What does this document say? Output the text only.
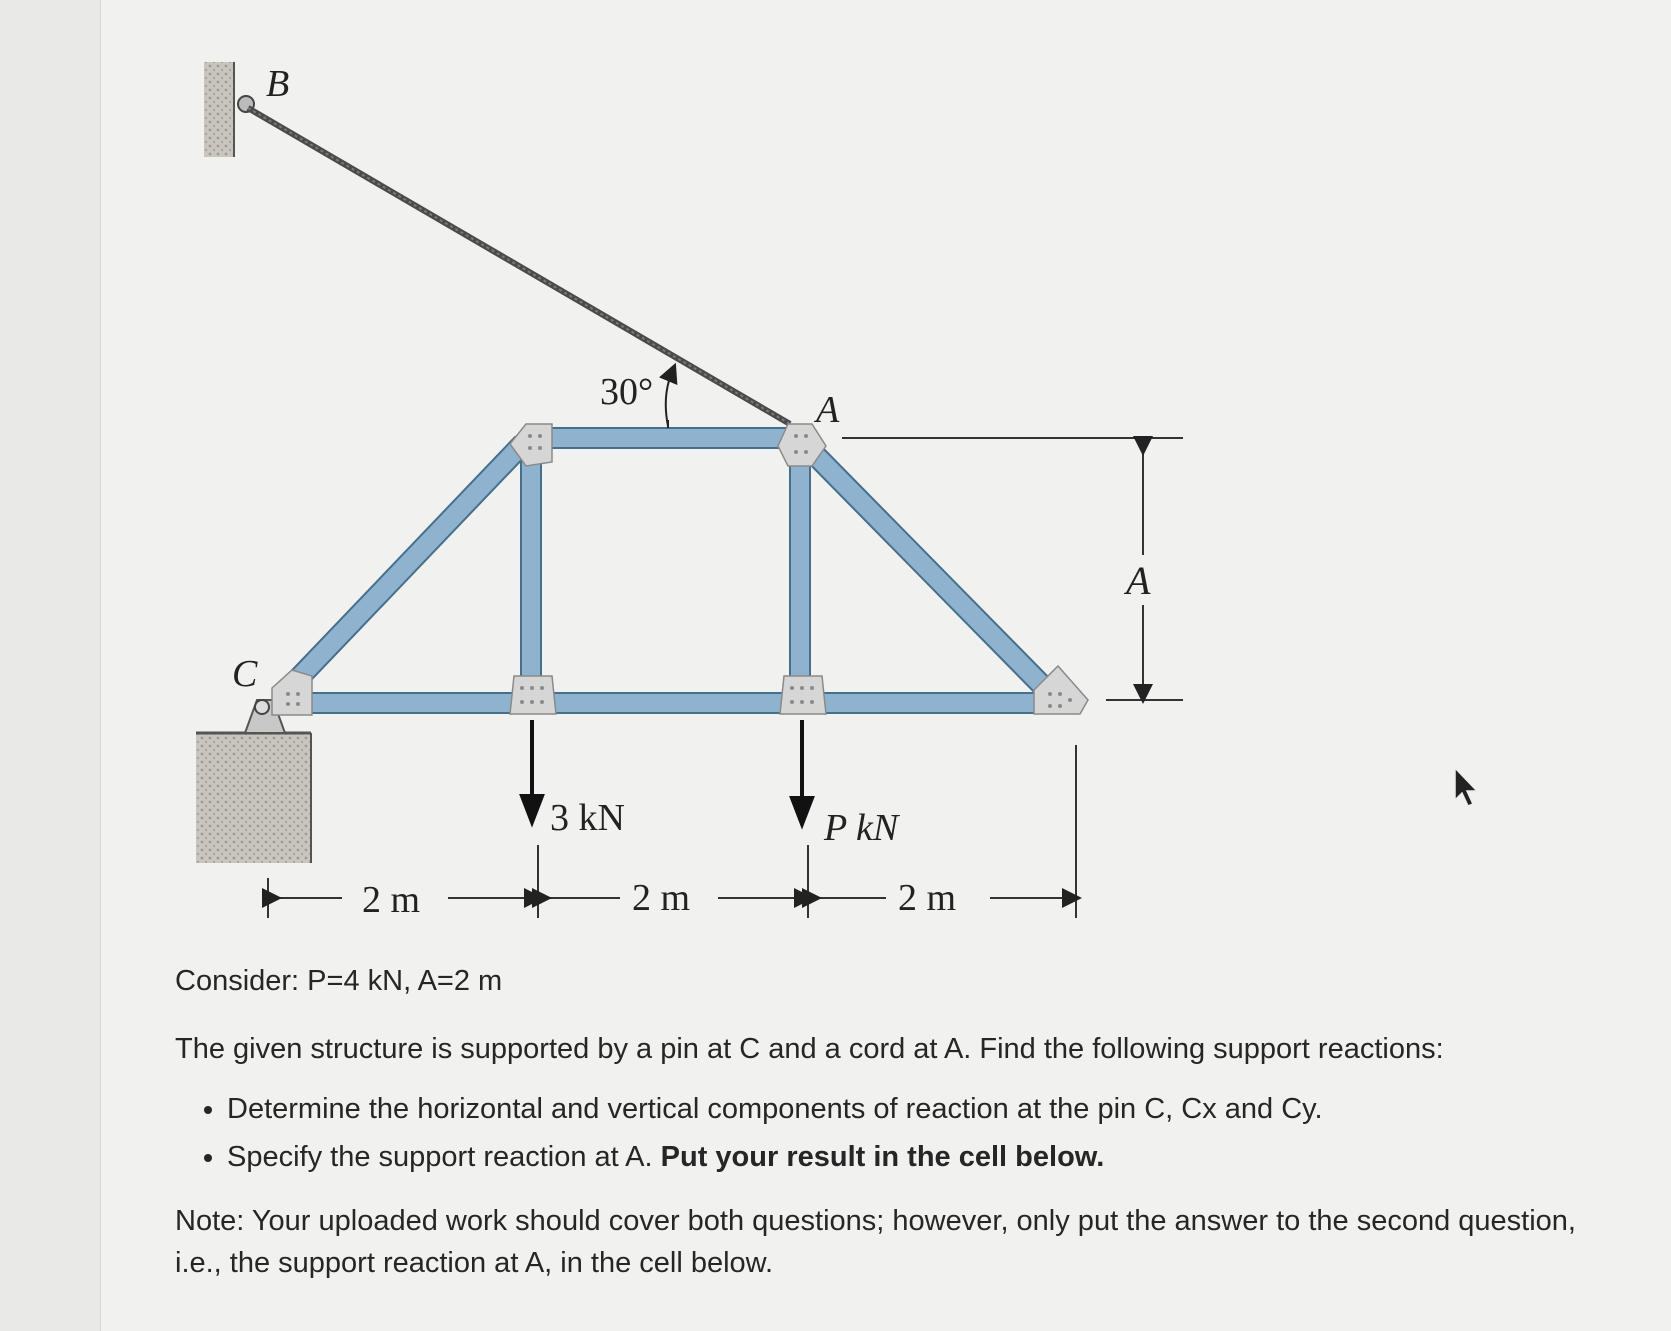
B
C
A
A
30°
3 kN	P kN
2 m	2 m	2 m

Consider: P=4 kN, A=2 m

The given structure is supported by a pin at C and a cord at A. Find the following support reactions:

• Determine the horizontal and vertical components of reaction at the pin C, Cx and Cy.
• Specify the support reaction at A. Put your result in the cell below.

Note: Your uploaded work should cover both questions; however, only put the answer to the second question, i.e., the support reaction at A, in the cell below.
